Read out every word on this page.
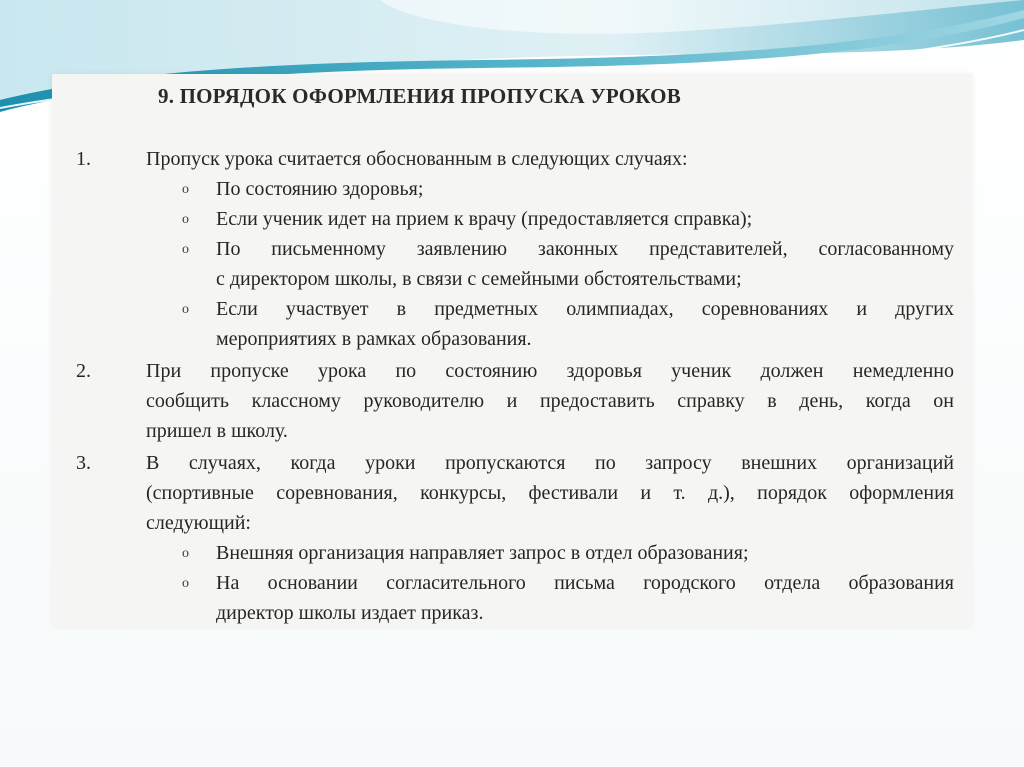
9. ПОРЯДОК ОФОРМЛЕНИЯ ПРОПУСКА УРОКОВ
1.	Пропуск урока считается обоснованным в следующих случаях:
o По состоянию здоровья;
o Если ученик идет на прием к врачу (предоставляется справка);
o По письменному заявлению законных представителей, согласованному
с директором школы, в связи с семейными обстоятельствами;
o Если участвует в предметных олимпиадах, соревнованиях и других
мероприятиях в рамках образования.
2.	При пропуске урока по состоянию здоровья ученик должен немедленно
сообщить классному руководителю и предоставить справку в день, когда он
пришел в школу.
3.	В случаях, когда уроки пропускаются по запросу внешних организаций
(спортивные соревнования, конкурсы, фестивали и т. д.), порядок оформления
следующий:
o Внешняя организация направляет запрос в отдел образования;
o На основании согласительного письма городского отдела образования
директор школы издает приказ.
